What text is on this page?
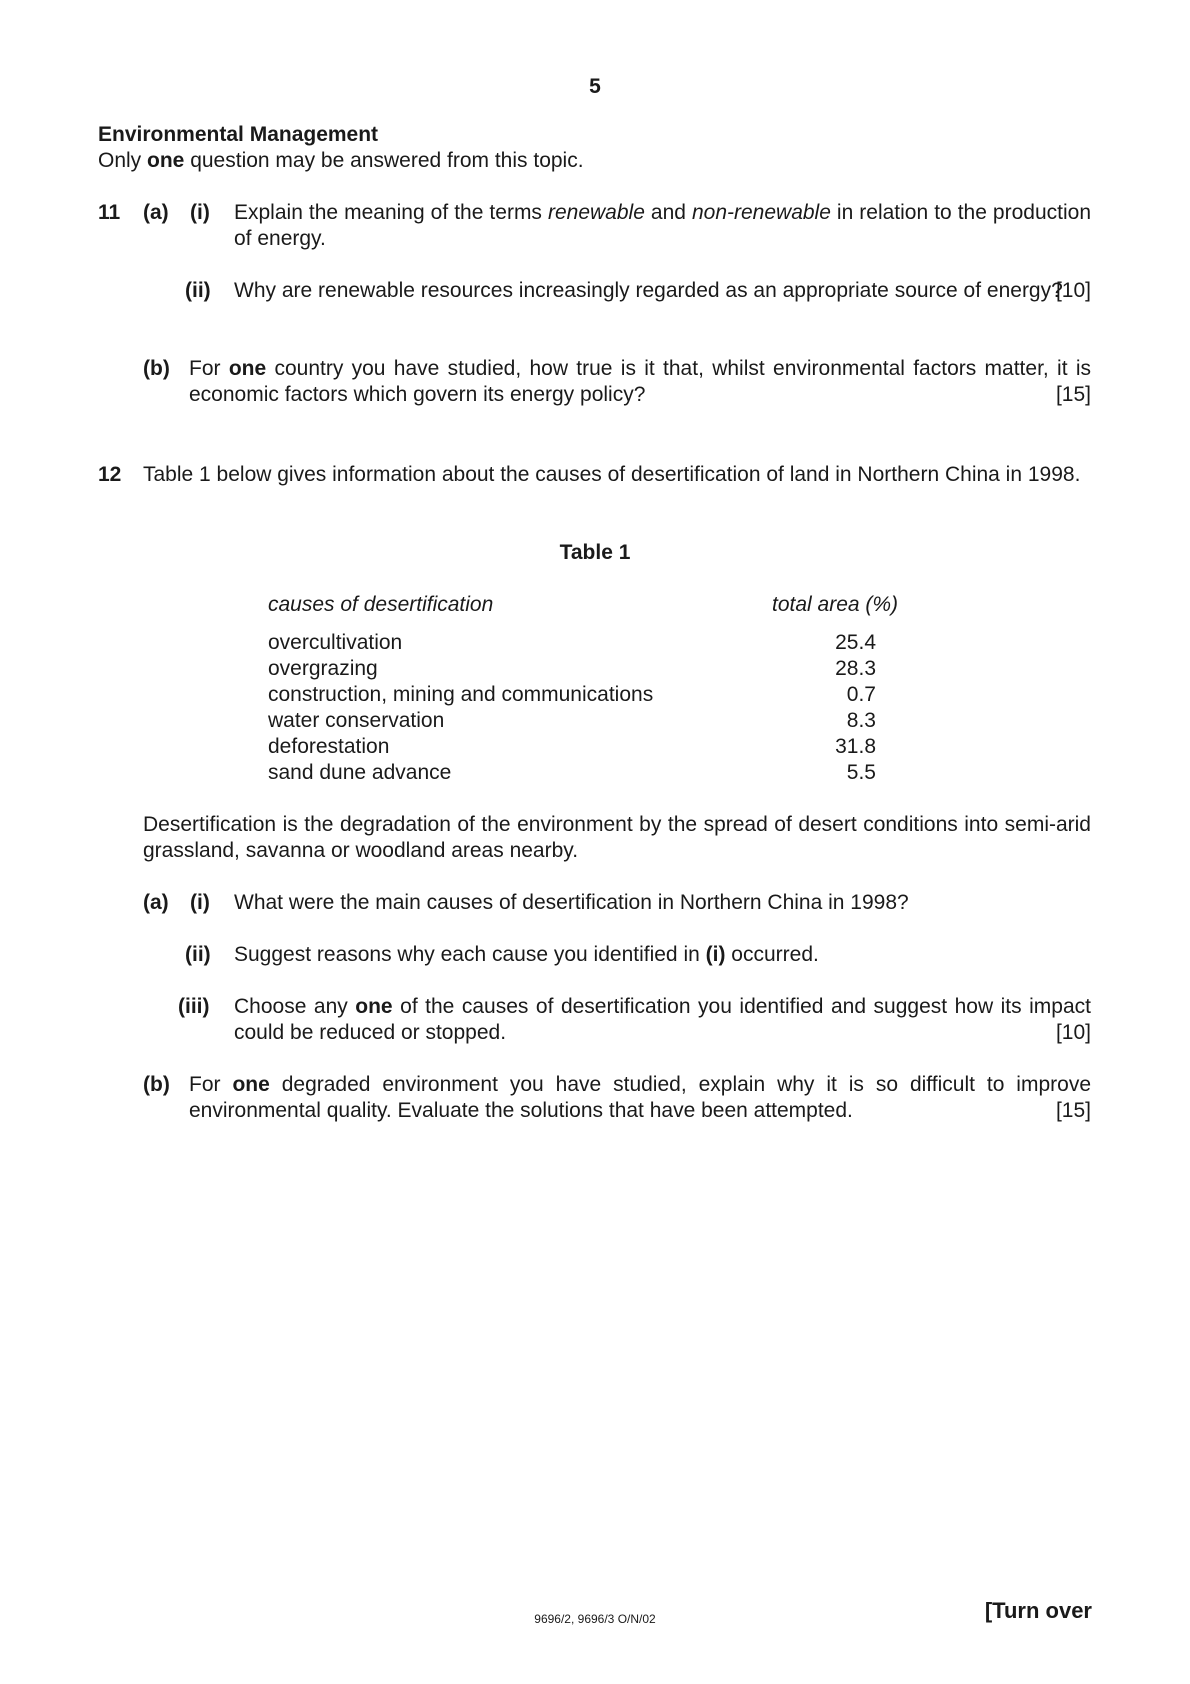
5
Environmental Management
Only one question may be answered from this topic.
11 (a) (i) Explain the meaning of the terms renewable and non-renewable in relation to the production of energy.
(ii) Why are renewable resources increasingly regarded as an appropriate source of energy?
[10]
(b) For one country you have studied, how true is it that, whilst environmental factors matter, it is economic factors which govern its energy policy?	[15]
12 Table 1 below gives information about the causes of desertification of land in Northern China in 1998.
Table 1
causes of desertification	total area (%)
overcultivation	25.4
overgrazing	28.3
construction, mining and communications	0.7
water conservation	8.3
deforestation	31.8
sand dune advance	5.5
Desertification is the degradation of the environment by the spread of desert conditions into semi-arid grassland, savanna or woodland areas nearby.
(a) (i) What were the main causes of desertification in Northern China in 1998?
(ii) Suggest reasons why each cause you identified in (i) occurred.
(iii) Choose any one of the causes of desertification you identified and suggest how its impact could be reduced or stopped.	[10]
(b) For one degraded environment you have studied, explain why it is so difficult to improve environmental quality. Evaluate the solutions that have been attempted.	[15]
9696/2, 9696/3 O/N/02	[Turn over
